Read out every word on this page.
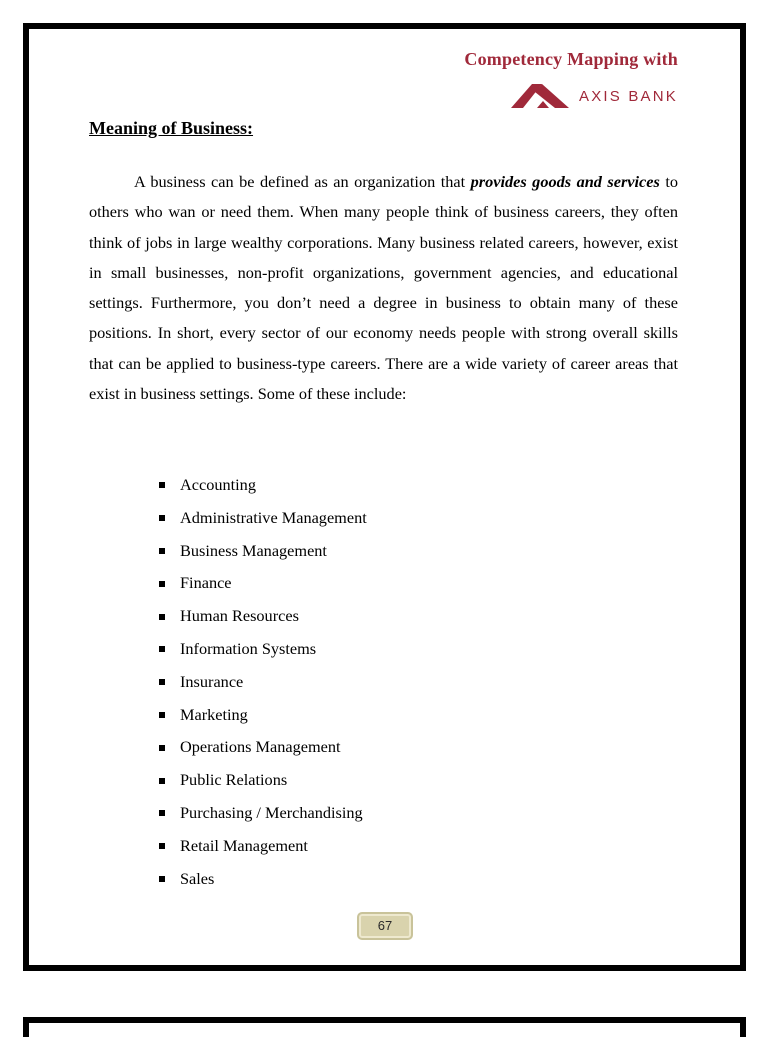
Competency Mapping with
AXIS BANK
Meaning of Business:

A business can be defined as an organization that provides goods and services to others who wan or need them. When many people think of business careers, they often think of jobs in large wealthy corporations. Many business related careers, however, exist in small businesses, non-profit organizations, government agencies, and educational settings. Furthermore, you don’t need a degree in business to obtain many of these positions. In short, every sector of our economy needs people with strong overall skills that can be applied to business-type careers. There are a wide variety of career areas that exist in business settings. Some of these include:

Accounting
Administrative Management
Business Management
Finance
Human Resources
Information Systems
Insurance
Marketing
Operations Management
Public Relations
Purchasing / Merchandising
Retail Management
Sales
67
